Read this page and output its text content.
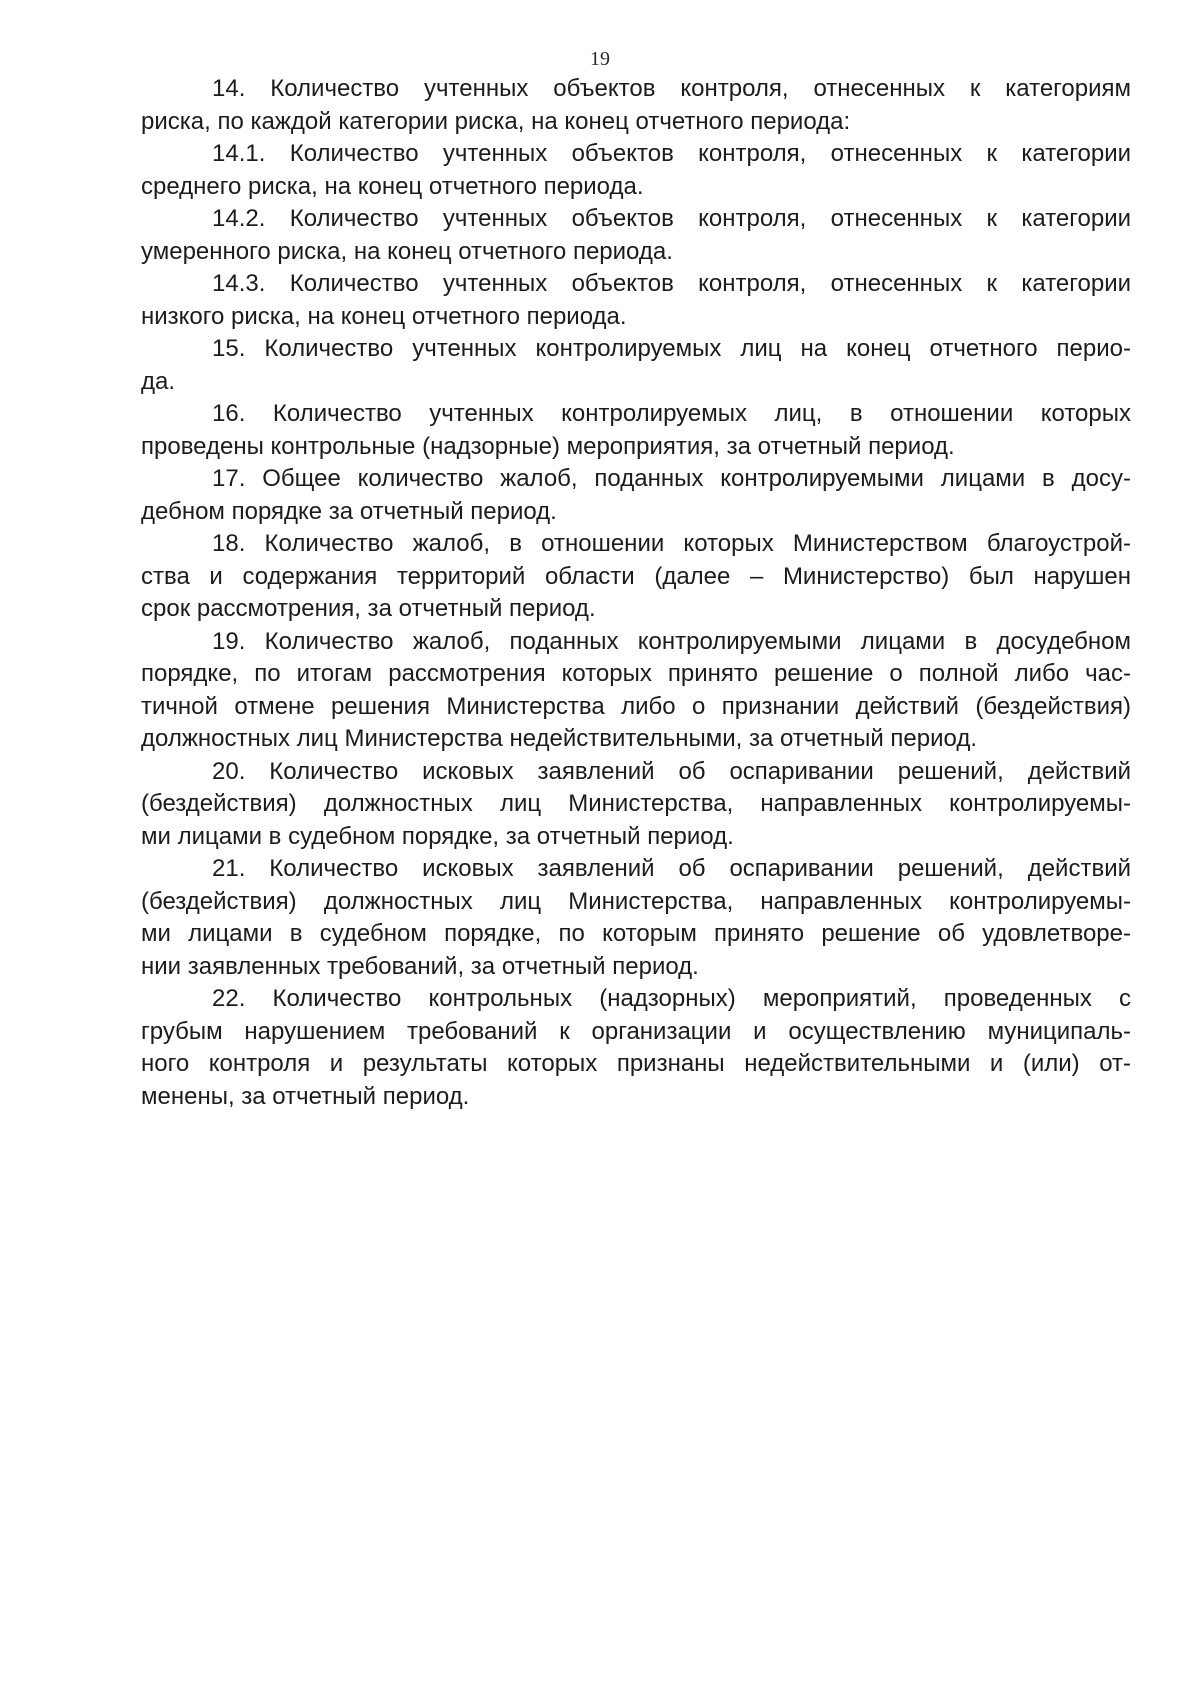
19

14. Количество учтенных объектов контроля, отнесенных к категориям
риска, по каждой категории риска, на конец отчетного периода:

14.1. Количество учтенных объектов контроля, отнесенных к категории
среднего риска, на конец отчетного периода.

14.2. Количество учтенных объектов контроля, отнесенных к категории
умеренного риска, на конец отчетного периода.

14.3. Количество учтенных объектов контроля, отнесенных к категории
низкого риска, на конец отчетного периода.

15. Количество учтенных контролируемых лиц на конец отчетного перио-
да.

16. Количество учтенных контролируемых лиц, в отношении которых
проведены контрольные (надзорные) мероприятия, за отчетный период.

17. Общее количество жалоб, поданных контролируемыми лицами в досу-
дебном порядке за отчетный период.

18. Количество жалоб, в отношении которых Министерством благоустрой-
ства и содержания территорий области (далее – Министерство) был нарушен
срок рассмотрения, за отчетный период.

19. Количество жалоб, поданных контролируемыми лицами в досудебном
порядке, по итогам рассмотрения которых принято решение о полной либо час-
тичной отмене решения Министерства либо о признании действий (бездействия)
должностных лиц Министерства недействительными, за отчетный период.

20. Количество исковых заявлений об оспаривании решений, действий
(бездействия) должностных лиц Министерства, направленных контролируемы-
ми лицами в судебном порядке, за отчетный период.

21. Количество исковых заявлений об оспаривании решений, действий
(бездействия) должностных лиц Министерства, направленных контролируемы-
ми лицами в судебном порядке, по которым принято решение об удовлетворе-
нии заявленных требований, за отчетный период.

22. Количество контрольных (надзорных) мероприятий, проведенных с
грубым нарушением требований к организации и осуществлению муниципаль-
ного контроля и результаты которых признаны недействительными и (или) от-
менены, за отчетный период.
